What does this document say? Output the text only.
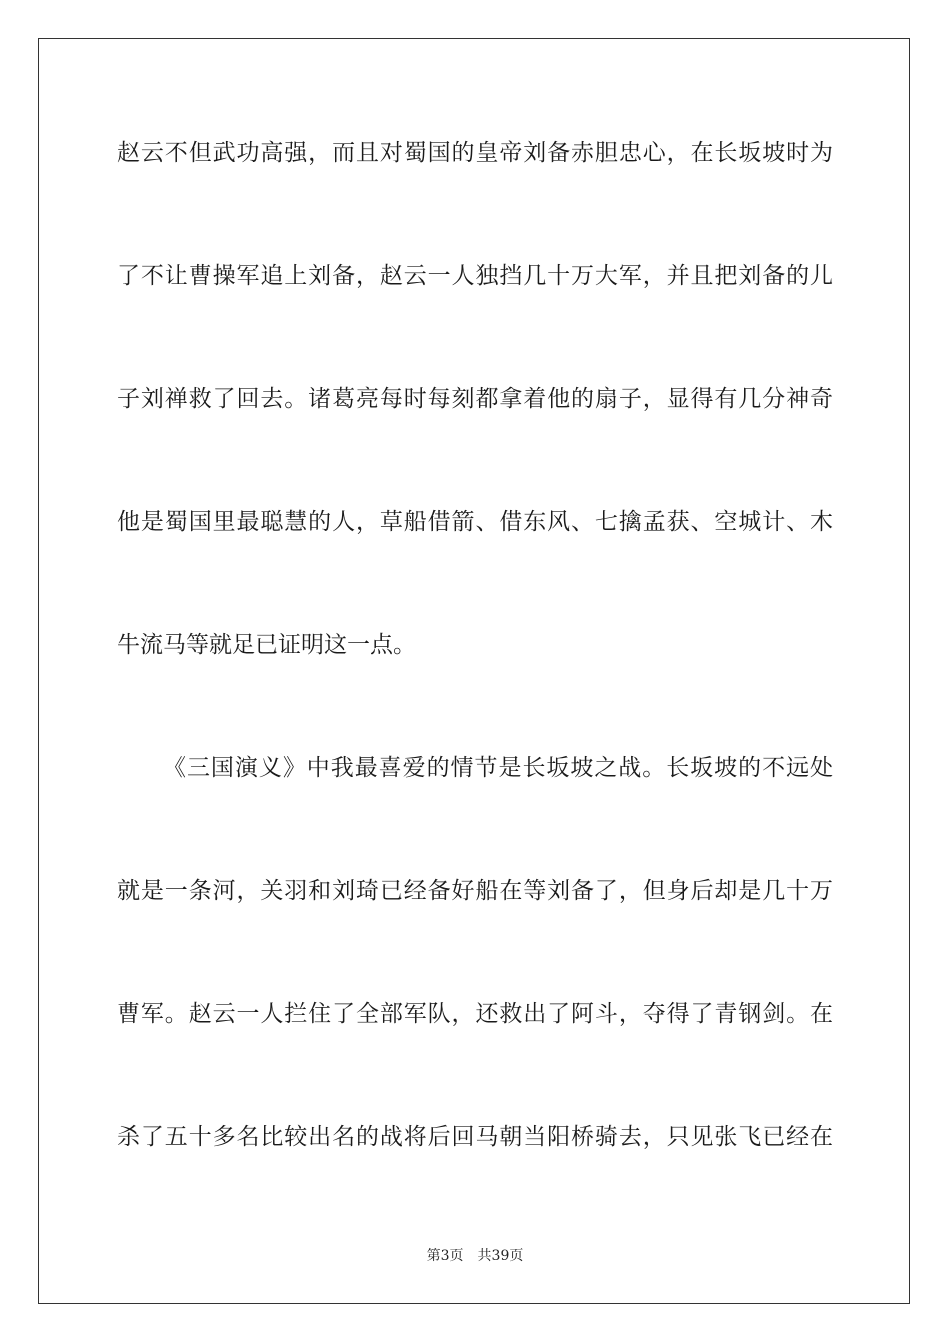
赵云不但武功高强，而且对蜀国的皇帝刘备赤胆忠心，在长坂坡时为
了不让曹操军追上刘备，赵云一人独挡几十万大军，并且把刘备的儿
子刘禅救了回去。诸葛亮每时每刻都拿着他的扇子，显得有几分神奇
他是蜀国里最聪慧的人，草船借箭、借东风、七擒孟获、空城计、木
牛流马等就足已证明这一点。
《三国演义》中我最喜爱的情节是长坂坡之战。长坂坡的不远处
就是一条河，关羽和刘琦已经备好船在等刘备了，但身后却是几十万
曹军。赵云一人拦住了全部军队，还救出了阿斗，夺得了青钢剑。在
杀了五十多名比较出名的战将后回马朝当阳桥骑去，只见张飞已经在
第3页 共39页
